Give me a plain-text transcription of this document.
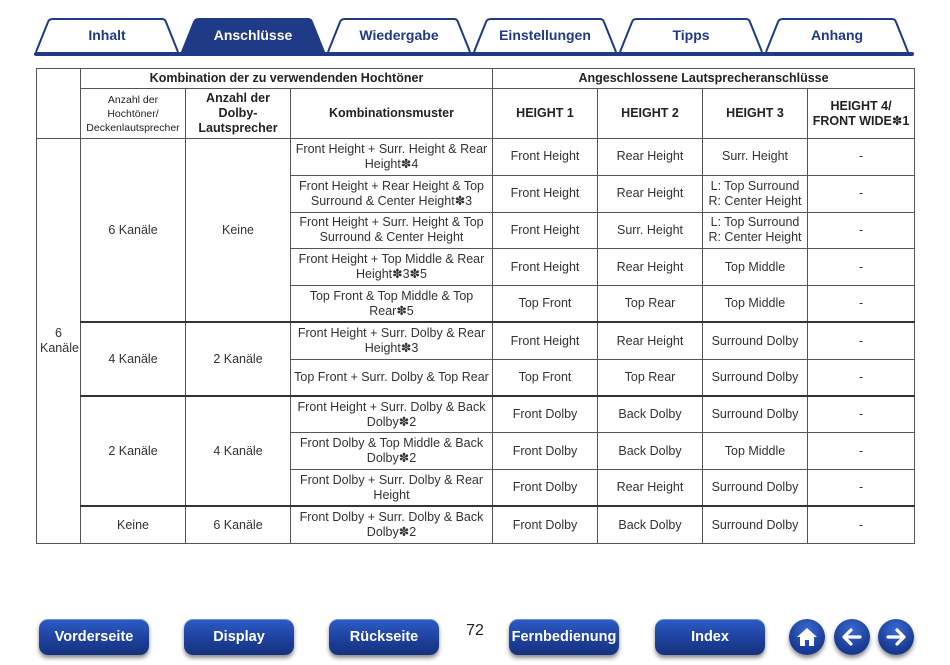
Inhalt	Anschlüsse	Wiedergabe	Einstellungen	Tipps	Anhang
	Kombination der zu verwendenden Hochtöner			Angeschlossene Lautsprecheranschlüsse			
	Anzahl der Hochtöner/ Deckenlautsprecher	Anzahl der Dolby-Lautsprecher	Kombinationsmuster	HEIGHT 1	HEIGHT 2	HEIGHT 3	HEIGHT 4/ FRONT WIDE✽1
6 Kanäle	6 Kanäle	Keine	Front Height + Surr. Height & Rear Height✽4	Front Height	Rear Height	Surr. Height	-
			Front Height + Rear Height & Top Surround & Center Height✽3	Front Height	Rear Height	L: Top Surround R: Center Height	-
			Front Height + Surr. Height & Top Surround & Center Height	Front Height	Surr. Height	L: Top Surround R: Center Height	-
			Front Height + Top Middle & Rear Height✽3✽5	Front Height	Rear Height	Top Middle	-
			Top Front & Top Middle & Top Rear✽5	Top Front	Top Rear	Top Middle	-
	4 Kanäle	2 Kanäle	Front Height + Surr. Dolby & Rear Height✽3	Front Height	Rear Height	Surround Dolby	-
			Top Front + Surr. Dolby & Top Rear	Top Front	Top Rear	Surround Dolby	-
	2 Kanäle	4 Kanäle	Front Height + Surr. Dolby & Back Dolby✽2	Front Dolby	Back Dolby	Surround Dolby	-
			Front Dolby & Top Middle & Back Dolby✽2	Front Dolby	Back Dolby	Top Middle	-
			Front Dolby + Surr. Dolby & Rear Height	Front Dolby	Rear Height	Surround Dolby	-
	Keine	6 Kanäle	Front Dolby + Surr. Dolby & Back Dolby✽2	Front Dolby	Back Dolby	Surround Dolby	-
Vorderseite	Display	Rückseite	72	Fernbedienung	Index
